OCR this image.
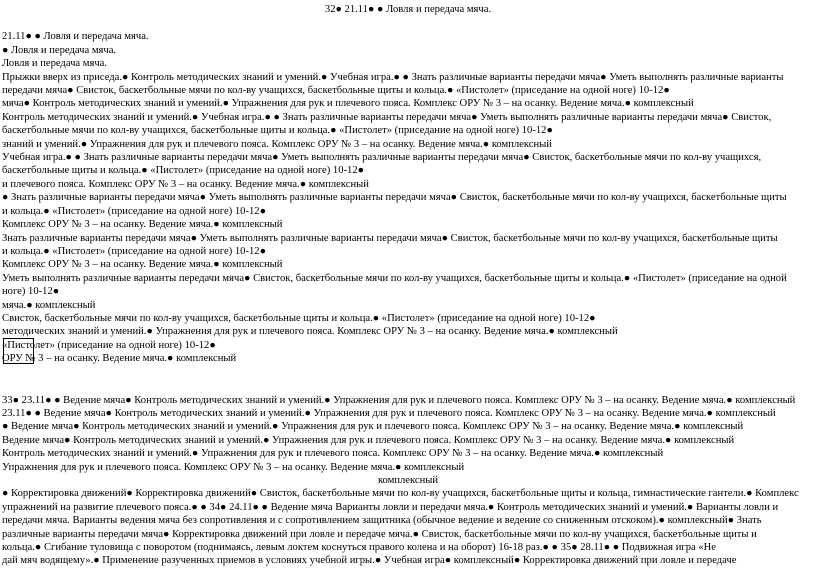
32● 21.11● ● Ловля и передача мяча.
21.11● ● Ловля и передача мяча.
● Ловля и передача мяча.
Ловля и передача мяча.
Прыжки вверх из приседа.● Контроль методических знаний и умений.● Учебная игра.● ● Знать различные варианты передачи мяча● Уметь выполнять различные варианты
передачи мяча● Свисток, баскетбольные мячи по кол-ву учащихся, баскетбольные щиты и кольца.● «Пистолет» (приседание на одной ноге) 10-12●
мяча● Контроль методических знаний и умений.● Упражнения для рук и плечевого пояса. Комплекс ОРУ № 3 – на осанку. Ведение мяча.● комплексный
Контроль методических знаний и умений.● Учебная игра.● ● Знать различные варианты передачи мяча● Уметь выполнять различные варианты передачи мяча● Свисток,
баскетбольные мячи по кол-ву учащихся, баскетбольные щиты и кольца.● «Пистолет» (приседание на одной ноге) 10-12●
знаний и умений.● Упражнения для рук и плечевого пояса. Комплекс ОРУ № 3 – на осанку. Ведение мяча.● комплексный
Учебная игра.● ● Знать различные варианты передачи мяча● Уметь выполнять различные варианты передачи мяча● Свисток, баскетбольные мячи по кол-ву учащихся,
баскетбольные щиты и кольца.● «Пистолет» (приседание на одной ноге) 10-12●
и плечевого пояса. Комплекс ОРУ № 3 – на осанку. Ведение мяча.● комплексный
● Знать различные варианты передачи мяча● Уметь выполнять различные варианты передачи мяча● Свисток, баскетбольные мячи по кол-ву учащихся, баскетбольные щиты
и кольца.● «Пистолет» (приседание на одной ноге) 10-12●
Комплекс ОРУ № 3 – на осанку. Ведение мяча.● комплексный
Знать различные варианты передачи мяча● Уметь выполнять различные варианты передачи мяча● Свисток, баскетбольные мячи по кол-ву учащихся, баскетбольные щиты
и кольца.● «Пистолет» (приседание на одной ноге) 10-12●
Комплекс ОРУ № 3 – на осанку. Ведение мяча.● комплексный
Уметь выполнять различные варианты передачи мяча● Свисток, баскетбольные мячи по кол-ву учащихся, баскетбольные щиты и кольца.● «Пистолет» (приседание на одной
ноге) 10-12●
мяча.● комплексный
Свисток, баскетбольные мячи по кол-ву учащихся, баскетбольные щиты и кольца.● «Пистолет» (приседание на одной ноге) 10-12●
методических знаний и умений.● Упражнения для рук и плечевого пояса. Комплекс ОРУ № 3 – на осанку. Ведение мяча.● комплексный
«Пистолет» (приседание на одной ноге) 10-12●
ОРУ № 3 – на осанку. Ведение мяча.● комплексный
33● 23.11● ● Ведение мяча● Контроль методических знаний и умений.● Упражнения для рук и плечевого пояса. Комплекс ОРУ № 3 – на осанку. Ведение мяча.● комплексный
23.11● ● Ведение мяча● Контроль методических знаний и умений.● Упражнения для рук и плечевого пояса. Комплекс ОРУ № 3 – на осанку. Ведение мяча.● комплексный
● Ведение мяча● Контроль методических знаний и умений.● Упражнения для рук и плечевого пояса. Комплекс ОРУ № 3 – на осанку. Ведение мяча.● комплексный
Ведение мяча● Контроль методических знаний и умений.● Упражнения для рук и плечевого пояса. Комплекс ОРУ № 3 – на осанку. Ведение мяча.● комплексный
Контроль методических знаний и умений.● Упражнения для рук и плечевого пояса. Комплекс ОРУ № 3 – на осанку. Ведение мяча.● комплексный
Упражнения для рук и плечевого пояса. Комплекс ОРУ № 3 – на осанку. Ведение мяча.● комплексный
комплексный
● Корректировка движений● Корректировка движений● Свисток, баскетбольные мячи по кол-ву учащихся, баскетбольные щиты и кольца, гимнастические гантели.● Комплекс
упражнений на развитие плечевого пояса.● ● 34● 24.11● ● Ведение мяча Варианты ловли и передачи мяча.● Контроль методических знаний и умений.● Варианты ловли и
передачи мяча. Варианты ведения мяча без сопротивления и с сопротивлением защитника (обычное ведение и ведение со сниженным отскоком).● комплексный● Знать
различные варианты передачи мяча● Корректировка движений при ловле и передаче мяча.● Свисток, баскетбольные мячи по кол-ву учащихся, баскетбольные щиты и
кольца.● Сгибание туловища с поворотом (поднимаясь, левым локтем коснуться правого колена и на оборот) 16-18 раз.● ● 35● 28.11● ● Подвижная игра «Не
дай мяч водящему».● Применение разученных приемов в условиях учебной игры.● Учебная игра● комплексный● Корректировка движений при ловле и передаче
